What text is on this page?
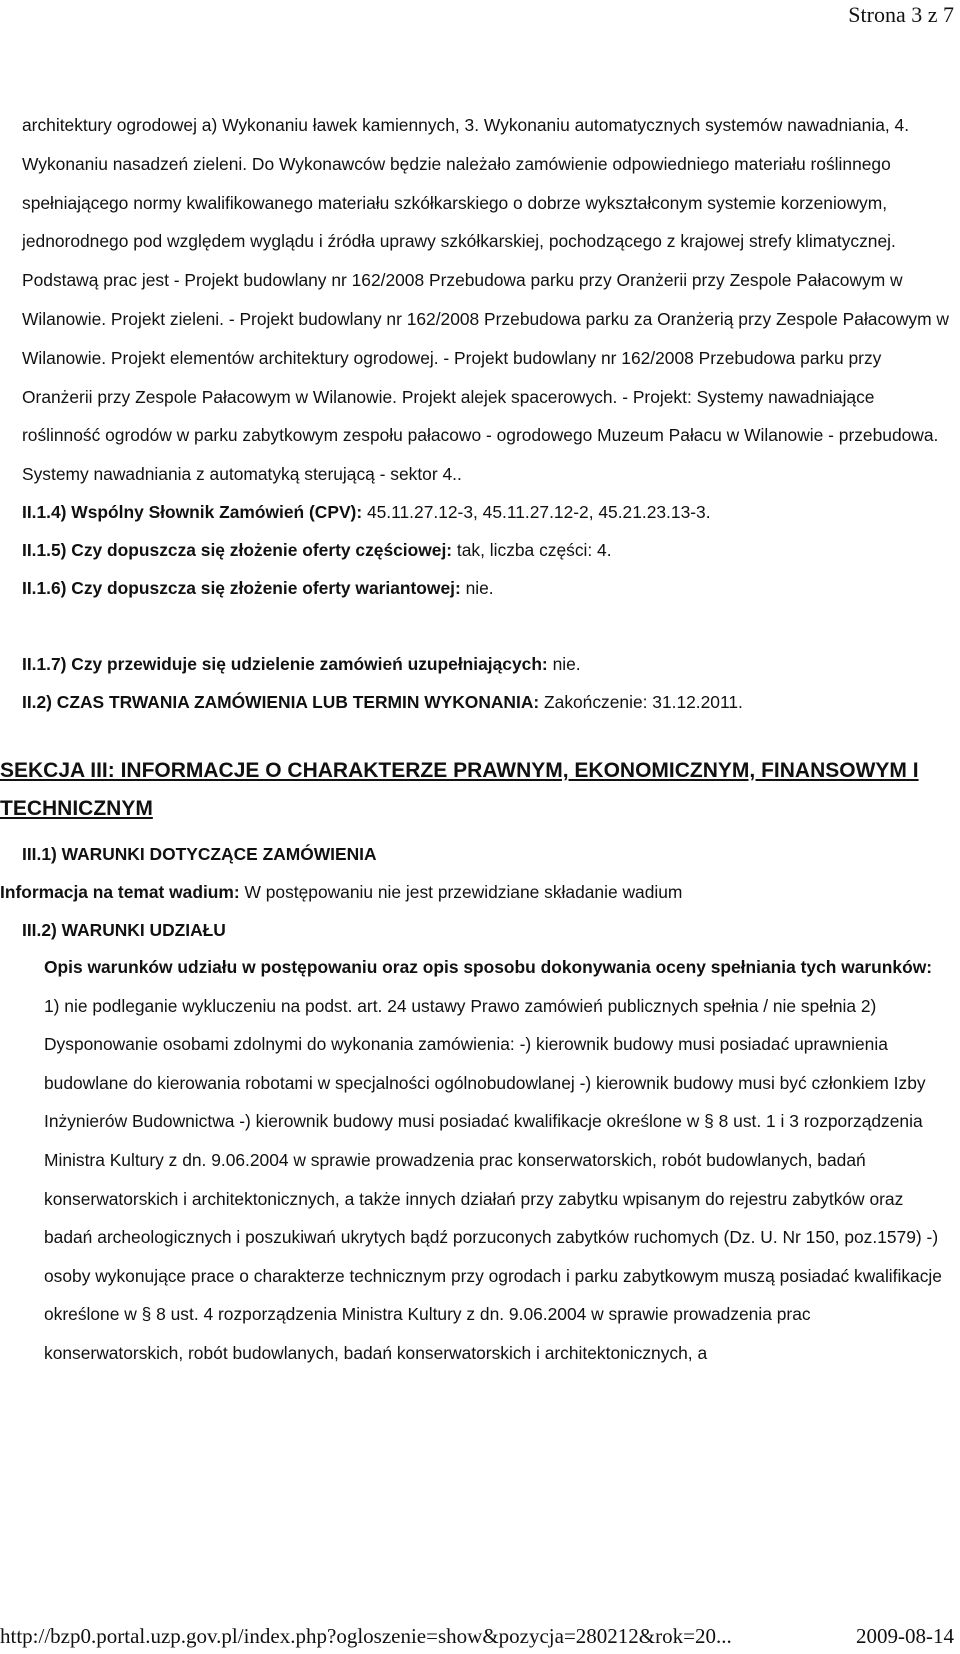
Strona 3 z 7

architektury ogrodowej a) Wykonaniu ławek kamiennych, 3. Wykonaniu automatycznych systemów nawadniania, 4. Wykonaniu nasadzeń zieleni. Do Wykonawców będzie należało zamówienie odpowiedniego materiału roślinnego spełniającego normy kwalifikowanego materiału szkółkarskiego o dobrze wykształconym systemie korzeniowym, jednorodnego pod względem wyglądu i źródła uprawy szkółkarskiej, pochodzącego z krajowej strefy klimatycznej. Podstawą prac jest - Projekt budowlany nr 162/2008 Przebudowa parku przy Oranżerii przy Zespole Pałacowym w Wilanowie. Projekt zieleni. - Projekt budowlany nr 162/2008 Przebudowa parku za Oranżerią przy Zespole Pałacowym w Wilanowie. Projekt elementów architektury ogrodowej. - Projekt budowlany nr 162/2008 Przebudowa parku przy Oranżerii przy Zespole Pałacowym w Wilanowie. Projekt alejek spacerowych. - Projekt: Systemy nawadniające roślinność ogrodów w parku zabytkowym zespołu pałacowo - ogrodowego Muzeum Pałacu w Wilanowie - przebudowa. Systemy nawadniania z automatyką sterującą - sektor 4..

II.1.4) Wspólny Słownik Zamówień (CPV): 45.11.27.12-3, 45.11.27.12-2, 45.21.23.13-3.

II.1.5) Czy dopuszcza się złożenie oferty częściowej: tak, liczba części: 4.

II.1.6) Czy dopuszcza się złożenie oferty wariantowej: nie.

II.1.7) Czy przewiduje się udzielenie zamówień uzupełniających: nie.

II.2) CZAS TRWANIA ZAMÓWIENIA LUB TERMIN WYKONANIA: Zakończenie: 31.12.2011.

SEKCJA III: INFORMACJE O CHARAKTERZE PRAWNYM, EKONOMICZNYM, FINANSOWYM I TECHNICZNYM

III.1) WARUNKI DOTYCZĄCE ZAMÓWIENIA

Informacja na temat wadium: W postępowaniu nie jest przewidziane składanie wadium

III.2) WARUNKI UDZIAŁU

Opis warunków udziału w postępowaniu oraz opis sposobu dokonywania oceny spełniania tych warunków: 1) nie podleganie wykluczeniu na podst. art. 24 ustawy Prawo zamówień publicznych spełnia / nie spełnia 2) Dysponowanie osobami zdolnymi do wykonania zamówienia: -) kierownik budowy musi posiadać uprawnienia budowlane do kierowania robotami w specjalności ogólnobudowlanej -) kierownik budowy musi być członkiem Izby Inżynierów Budownictwa -) kierownik budowy musi posiadać kwalifikacje określone w § 8 ust. 1 i 3 rozporządzenia Ministra Kultury z dn. 9.06.2004 w sprawie prowadzenia prac konserwatorskich, robót budowlanych, badań konserwatorskich i architektonicznych, a także innych działań przy zabytku wpisanym do rejestru zabytków oraz badań archeologicznych i poszukiwań ukrytych bądź porzuconych zabytków ruchomych (Dz. U. Nr 150, poz.1579) -) osoby wykonujące prace o charakterze technicznym przy ogrodach i parku zabytkowym muszą posiadać kwalifikacje określone w § 8 ust. 4 rozporządzenia Ministra Kultury z dn. 9.06.2004 w sprawie prowadzenia prac konserwatorskich, robót budowlanych, badań konserwatorskich i architektonicznych, a

http://bzp0.portal.uzp.gov.pl/index.php?ogloszenie=show&pozycja=280212&rok=20...	2009-08-14
